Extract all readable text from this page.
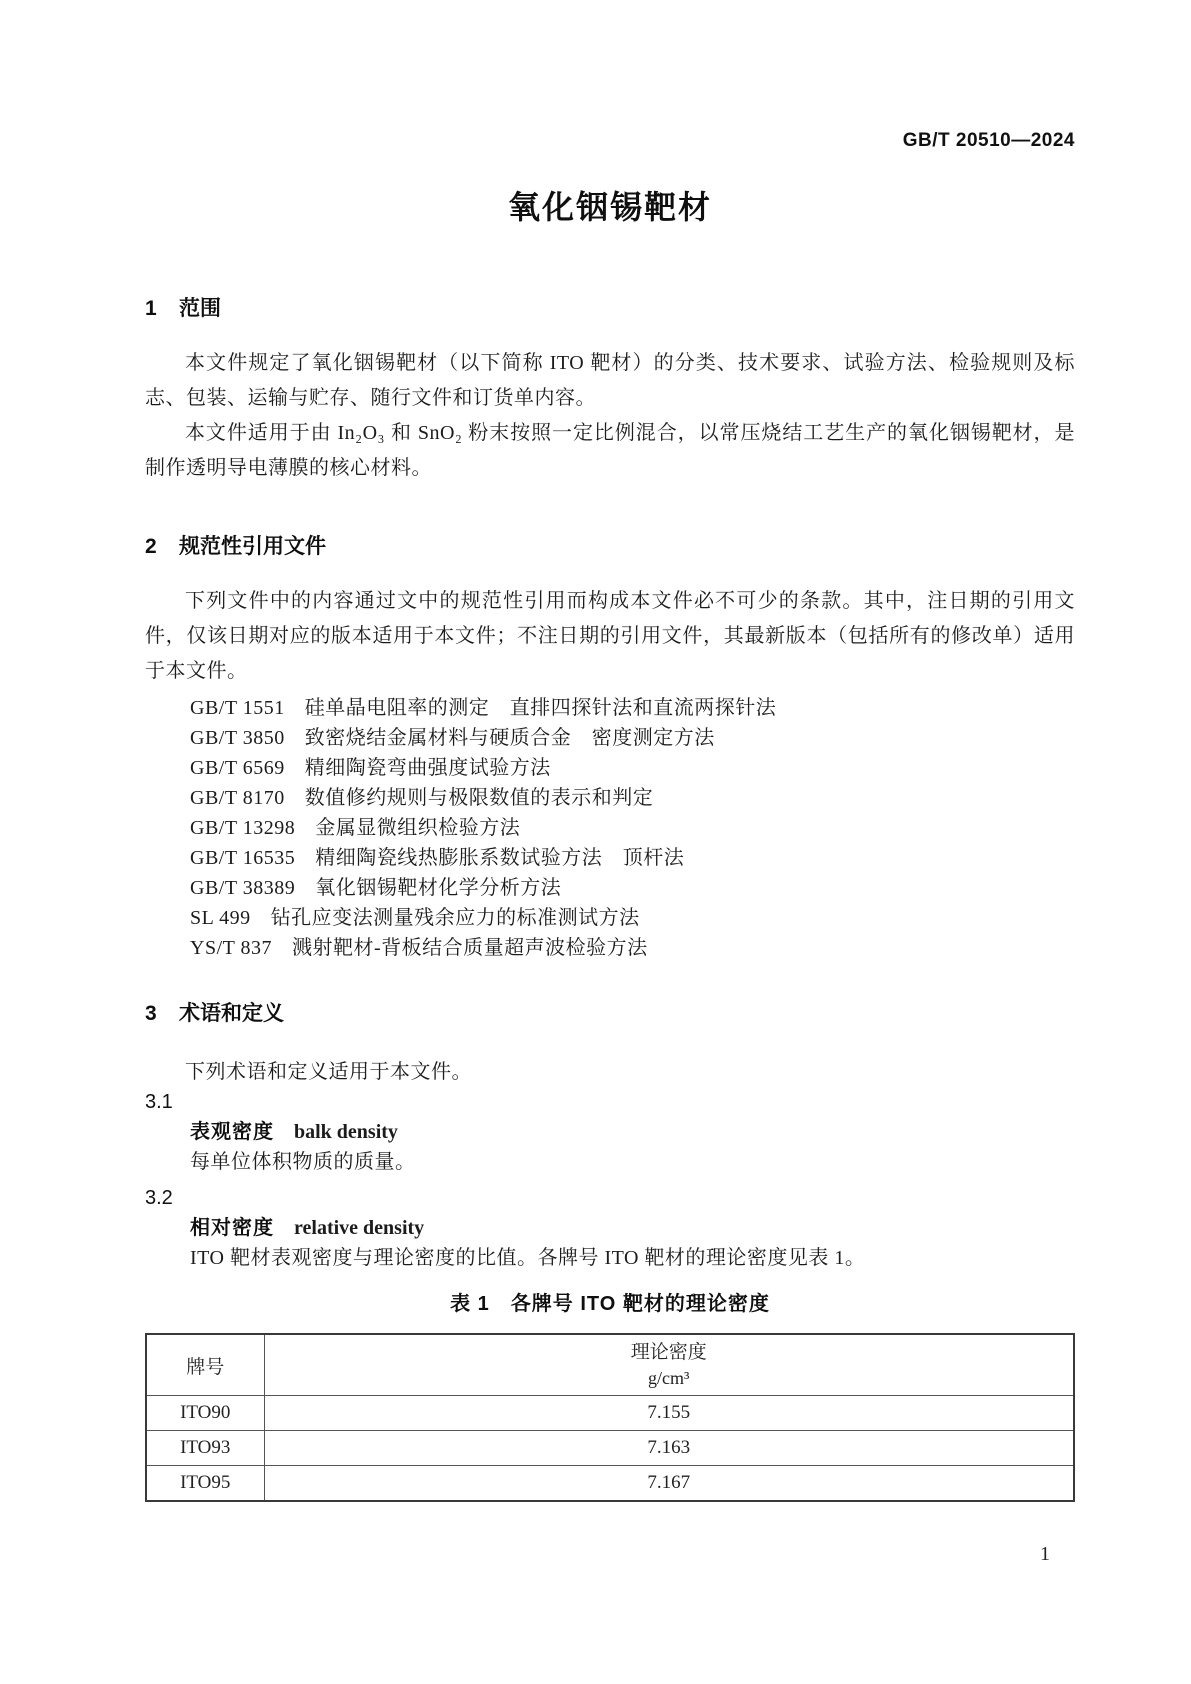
GB/T 20510—2024
氧化铟锡靶材
1 范围

本文件规定了氧化铟锡靶材（以下简称 ITO 靶材）的分类、技术要求、试验方法、检验规则及标志、包装、运输与贮存、随行文件和订货单内容。

本文件适用于由 In₂O₃ 和 SnO₂ 粉末按照一定比例混合，以常压烧结工艺生产的氧化铟锡靶材，是制作透明导电薄膜的核心材料。

2 规范性引用文件

下列文件中的内容通过文中的规范性引用而构成本文件必不可少的条款。其中，注日期的引用文件，仅该日期对应的版本适用于本文件；不注日期的引用文件，其最新版本（包括所有的修改单）适用于本文件。

GB/T 1551 硅单晶电阻率的测定　直排四探针法和直流两探针法
GB/T 3850 致密烧结金属材料与硬质合金　密度测定方法
GB/T 6569 精细陶瓷弯曲强度试验方法
GB/T 8170 数值修约规则与极限数值的表示和判定
GB/T 13298 金属显微组织检验方法
GB/T 16535 精细陶瓷线热膨胀系数试验方法　顶杆法
GB/T 38389 氧化铟锡靶材化学分析方法
SL 499 钻孔应变法测量残余应力的标准测试方法
YS/T 837 溅射靶材-背板结合质量超声波检验方法
3 术语和定义

下列术语和定义适用于本文件。

3.1
表观密度 balk density

每单位体积物质的质量。

3.2
相对密度 relative density

ITO 靶材表观密度与理论密度的比值。各牌号 ITO 靶材的理论密度见表 1。

表 1　各牌号 ITO 靶材的理论密度
牌号	理论密度
g/cm³

ITO90	7.155
ITO93	7.163
ITO95	7.167
1
